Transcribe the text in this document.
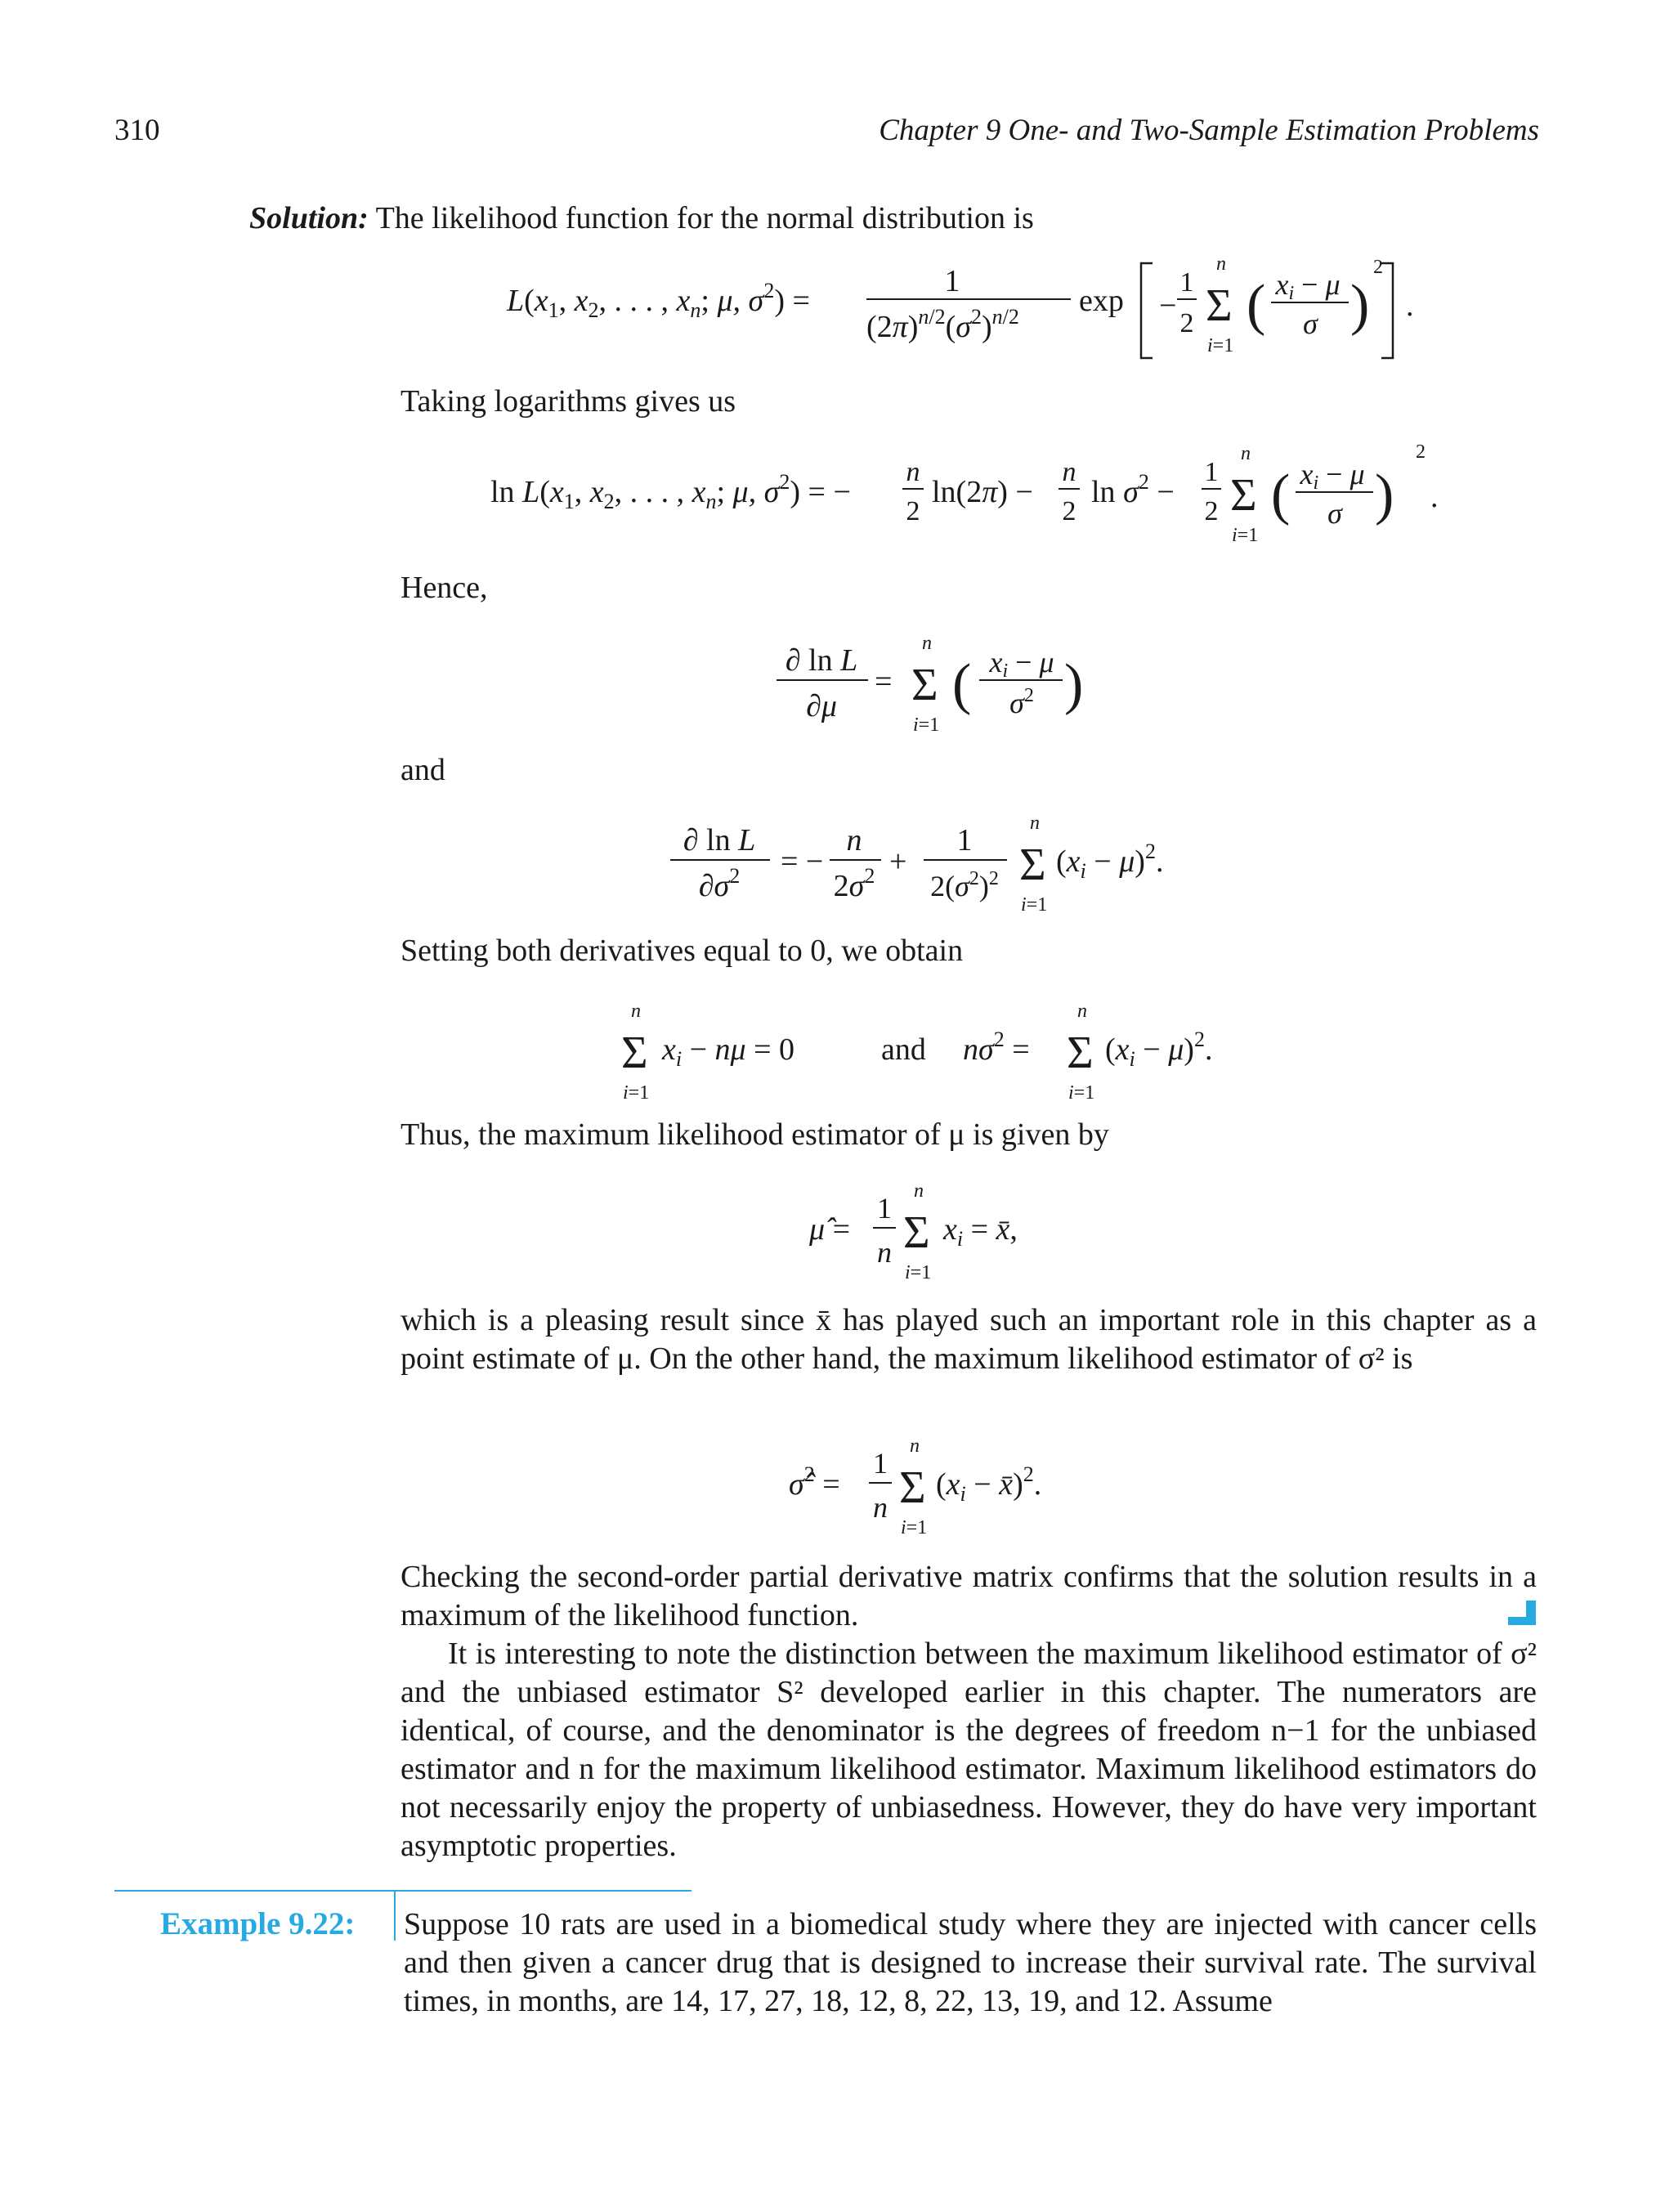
310	Chapter 9 One- and Two-Sample Estimation Problems
Solution: The likelihood function for the normal distribution is
$L(x_1$, $x_2$, . . . , $x_n$; μ, $\sigma^2$) =
1
$(2\pi)^n/2(\sigma^2)^n/2$ exp −
1
2
n
Σ
i=1
( xi − μ
σ )
2
.
Taking logarithms gives us
$\ln L(x_1$, $x_2$, . . . , $x_n$; μ, $\sigma^2$) = −
n
2
ln(2π) −
n
2
$\ln \sigma^2$ −
1
2
n
Σ
i=1
( xi − μ
σ )
2
.
Hence,
∂ ln L
∂μ
=
n
Σ
i=1
( xi − μ
$\sigma^2$ )
and
∂ ln L
$\partial\sigma^2$ = −
n
$2\sigma^2$ +
1
$2(\sigma^2)^2$
n
Σ
i=1
$(x_i - \mu)^2$.
Setting both derivatives equal to 0, we obtain
n
Σ
i=1
$x_i - n\mu = 0$	and $n\sigma^2$ =
n
Σ
i=1
$(x_i - \mu)^2$.
Thus, the maximum likelihood estimator of μ is given by
μ̂ =
1
n
n
Σ
i=1
$x_i$ = x̄,
which is a pleasing result since x̄ has played such an important role in this chapter as a point estimate of μ. On the other hand, the maximum likelihood estimator of σ² is
σ̂$^2$ =
1
n
n
Σ
i=1
($x_i$ − x̄)$^2$.
Checking the second-order partial derivative matrix confirms that the solution results in a maximum of the likelihood function.
It is interesting to note the distinction between the maximum likelihood estimator of σ² and the unbiased estimator S² developed earlier in this chapter. The numerators are identical, of course, and the denominator is the degrees of freedom n−1 for the unbiased estimator and n for the maximum likelihood estimator. Maximum likelihood estimators do not necessarily enjoy the property of unbiasedness. However, they do have very important asymptotic properties.
Example 9.22: Suppose 10 rats are used in a biomedical study where they are injected with cancer cells and then given a cancer drug that is designed to increase their survival rate. The survival times, in months, are 14, 17, 27, 18, 12, 8, 22, 13, 19, and 12. Assume
